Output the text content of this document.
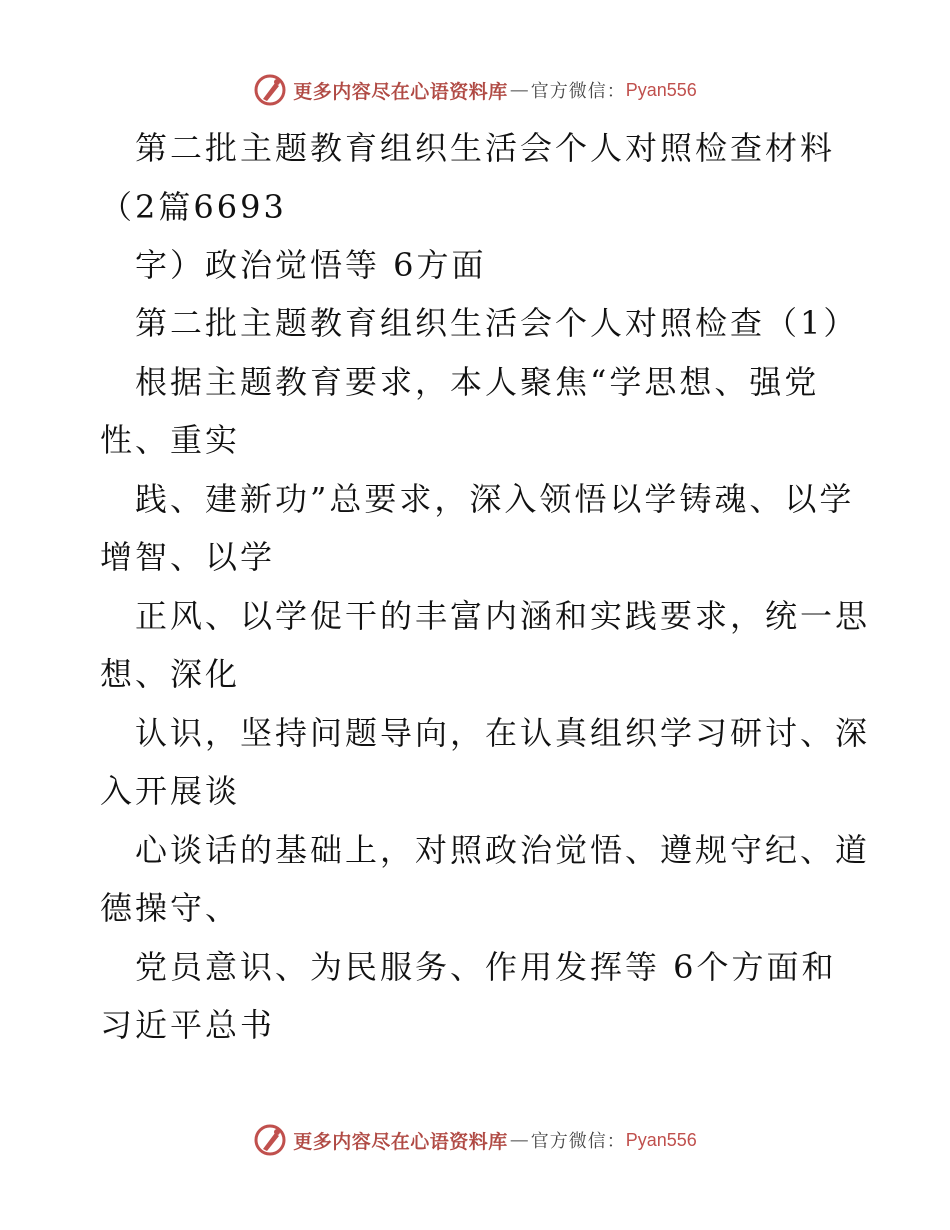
更多内容尽在心语资料库 — 官方微信： Pyan556
第二批主题教育组织生活会个人对照检查材料
（2篇6693
字）政治觉悟等 6方面
第二批主题教育组织生活会个人对照检查（1）
根据主题教育要求，本人聚焦“学思想、强党
性、重实
践、建新功”总要求，深入领悟以学铸魂、以学
增智、以学
正风、以学促干的丰富内涵和实践要求，统一思
想、深化
认识，坚持问题导向，在认真组织学习研讨、深
入开展谈
心谈话的基础上，对照政治觉悟、遵规守纪、道
德操守、
党员意识、为民服务、作用发挥等 6个方面和
习近平总书
更多内容尽在心语资料库 — 官方微信： Pyan556
